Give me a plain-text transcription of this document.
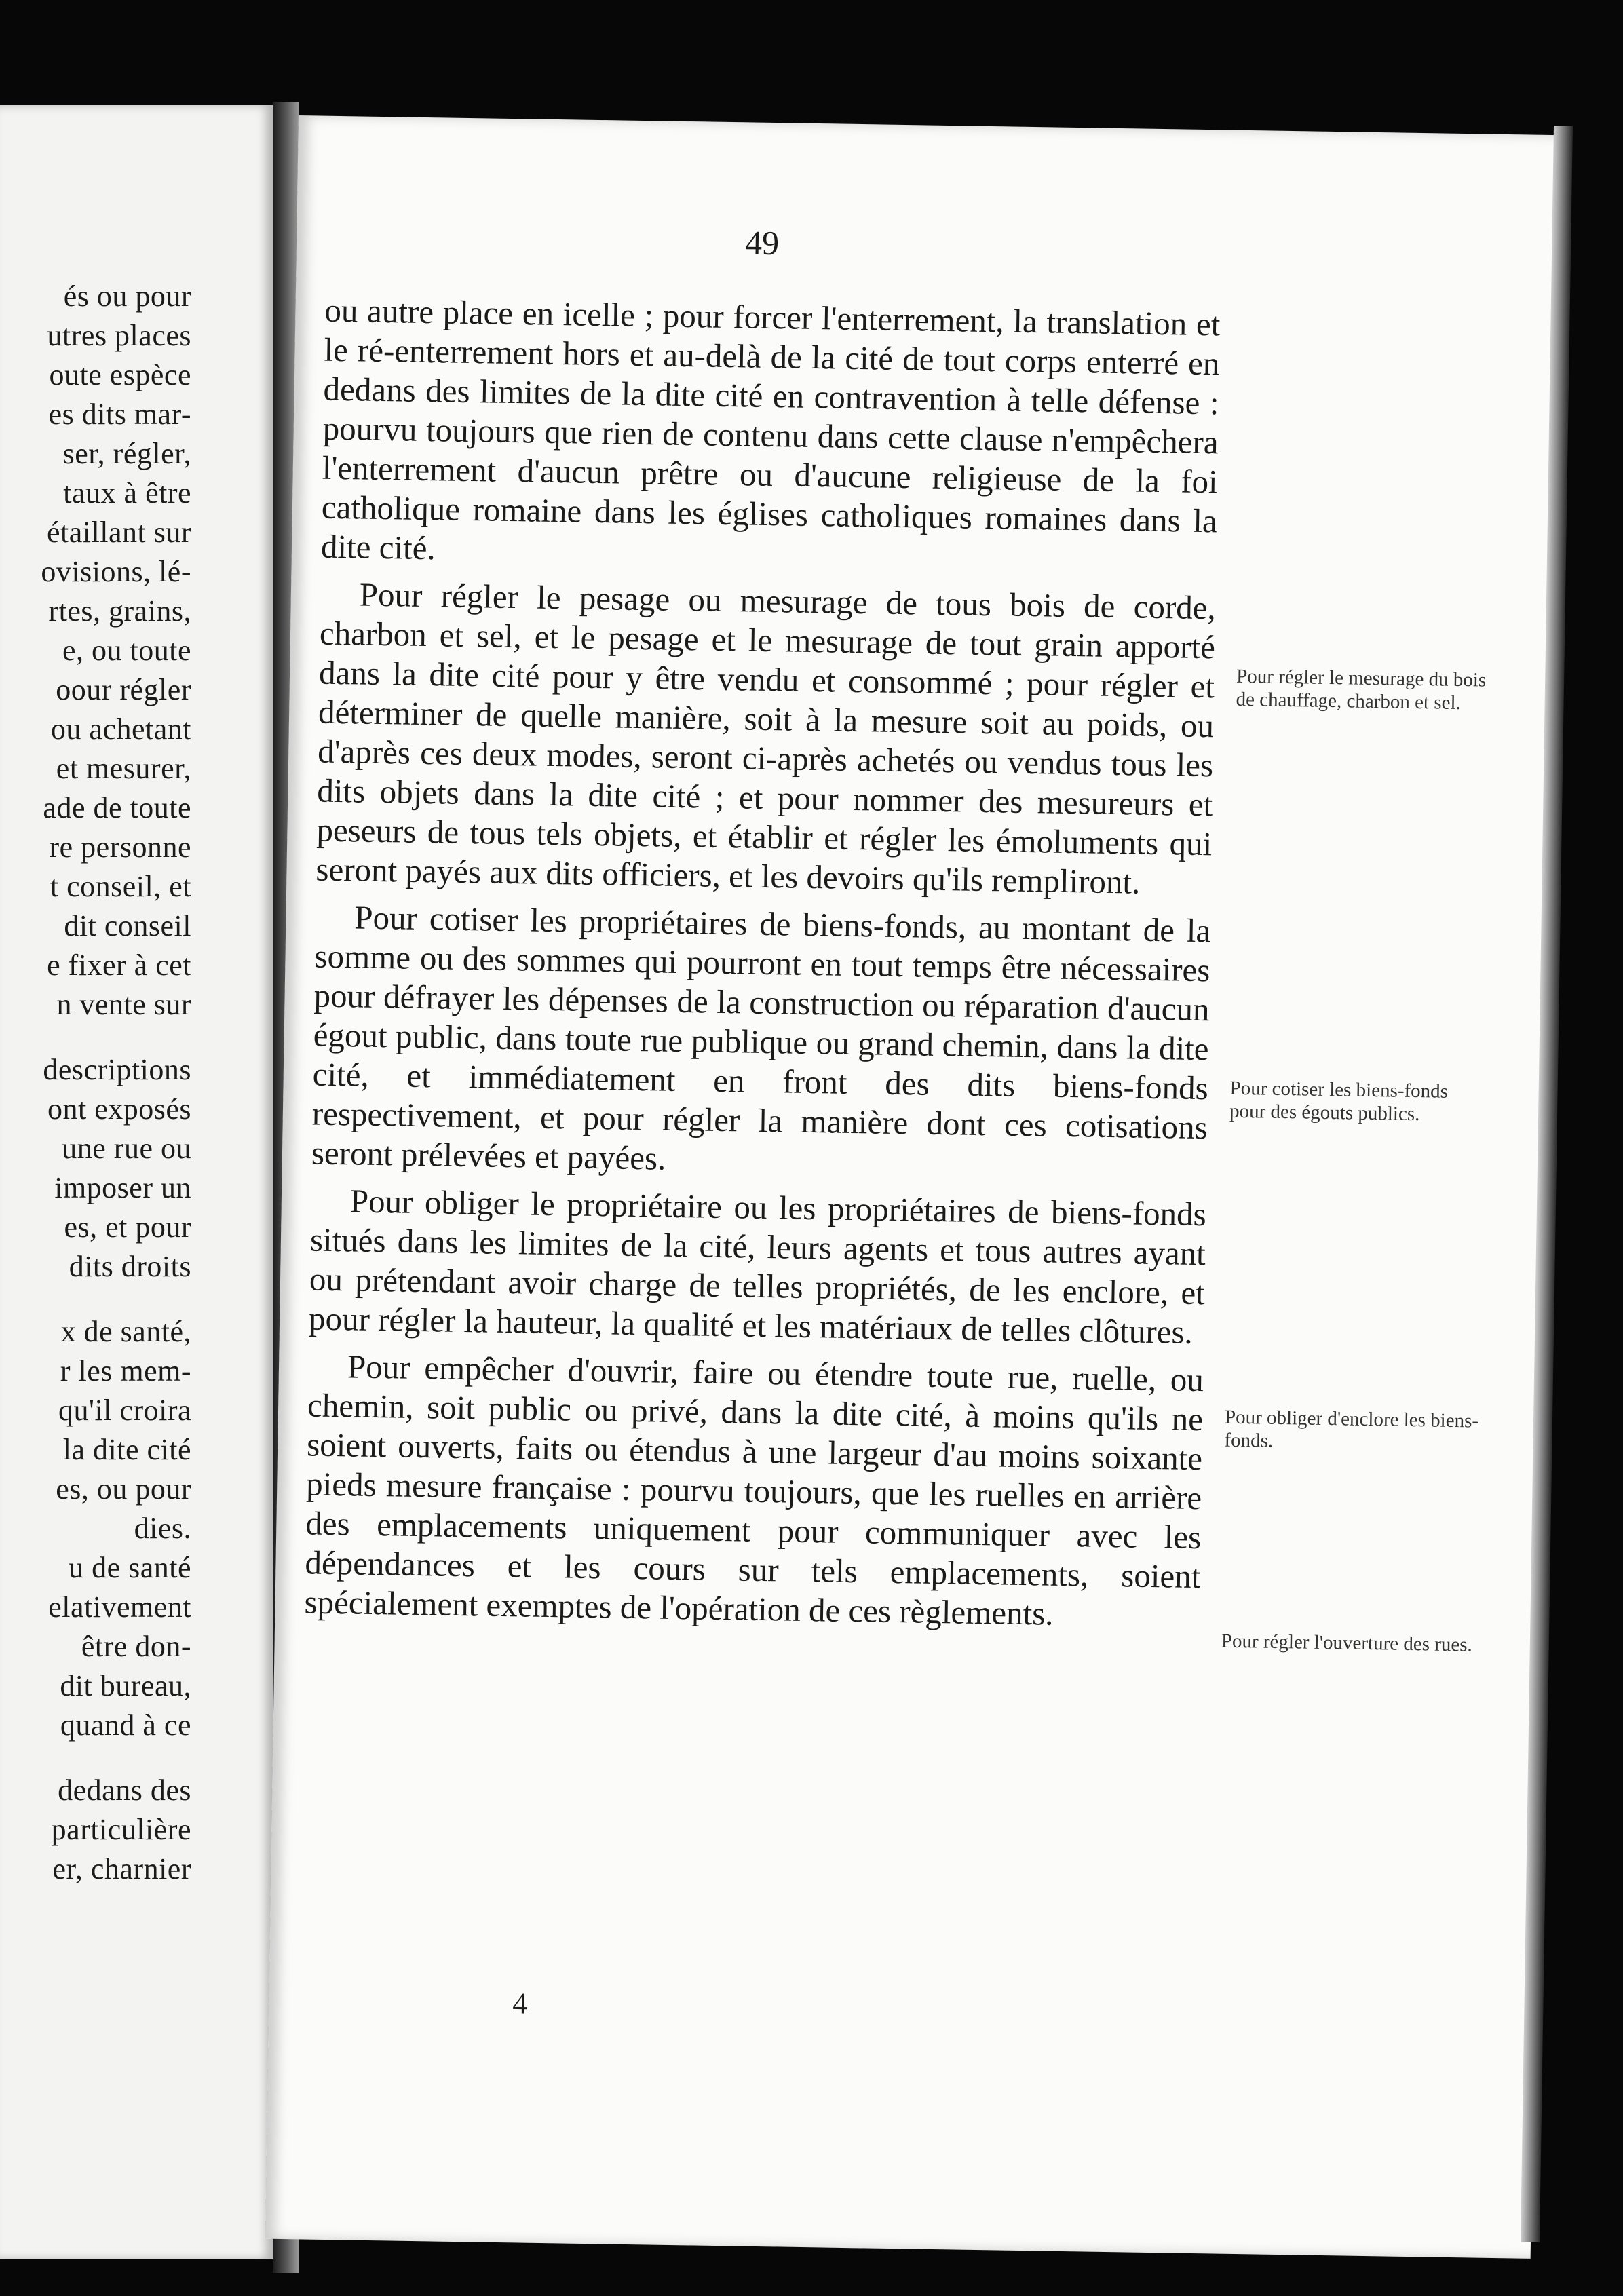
és ou pour
utres places
oute espèce
es dits mar-
ser, régler,
taux à être
étaillant sur
ovisions, lé-
rtes, grains,
e, ou toute
oour régler
ou achetant
et mesurer,
ade de toute
re personne
t conseil, et
dit conseil
e fixer à cet
n vente sur
descriptions
ont exposés
une rue ou
imposer un
es, et pour
dits droits
x de santé,
r les mem-
qu'il croira
la dite cité
es, ou pour
dies.
u de santé
elativement
être don-
dit bureau,
quand à ce
dedans des
particulière
er, charnier
49

ou autre place en icelle ; pour forcer l'enterrement, la translation et le ré-enterrement hors et au-delà de la cité de tout corps enterré en dedans des limites de la dite cité en contravention à telle défense : pourvu toujours que rien de contenu dans cette clause n'empêchera l'enterrement d'aucun prêtre ou d'aucune religieuse de la foi catholique romaine dans les églises catholiques romaines dans la dite cité.

Pour régler le pesage ou mesurage de tous bois de corde, charbon et sel, et le pesage et le mesurage de tout grain apporté dans la dite cité pour y être vendu et consommé ; pour régler et déterminer de quelle manière, soit à la mesure soit au poids, ou d'après ces deux modes, seront ci-après achetés ou vendus tous les dits objets dans la dite cité ; et pour nommer des mesureurs et peseurs de tous tels objets, et établir et régler les émoluments qui seront payés aux dits officiers, et les devoirs qu'ils rempliront.

Pour cotiser les propriétaires de biens-fonds, au montant de la somme ou des sommes qui pourront en tout temps être nécessaires pour défrayer les dépenses de la construction ou réparation d'aucun égout public, dans toute rue publique ou grand chemin, dans la dite cité, et immédiatement en front des dits biens-fonds respectivement, et pour régler la manière dont ces cotisations seront prélevées et payées.

Pour obliger le propriétaire ou les propriétaires de biens-fonds situés dans les limites de la cité, leurs agents et tous autres ayant ou prétendant avoir charge de telles propriétés, de les enclore, et pour régler la hauteur, la qualité et les matériaux de telles clôtures.

Pour empêcher d'ouvrir, faire ou étendre toute rue, ruelle, ou chemin, soit public ou privé, dans la dite cité, à moins qu'ils ne soient ouverts, faits ou étendus à une largeur d'au moins soixante pieds mesure française : pourvu toujours, que les ruelles en arrière des emplacements uniquement pour communiquer avec les dépendances et les cours sur tels emplacements, soient spécialement exemptes de l'opération de ces règlements.

Pour régler le mesurage du bois de chauffage, charbon et sel.
Pour cotiser les biens-fonds pour des égouts publics.
Pour obliger d'enclore les biens-fonds.
Pour régler l'ouverture des rues.
4
